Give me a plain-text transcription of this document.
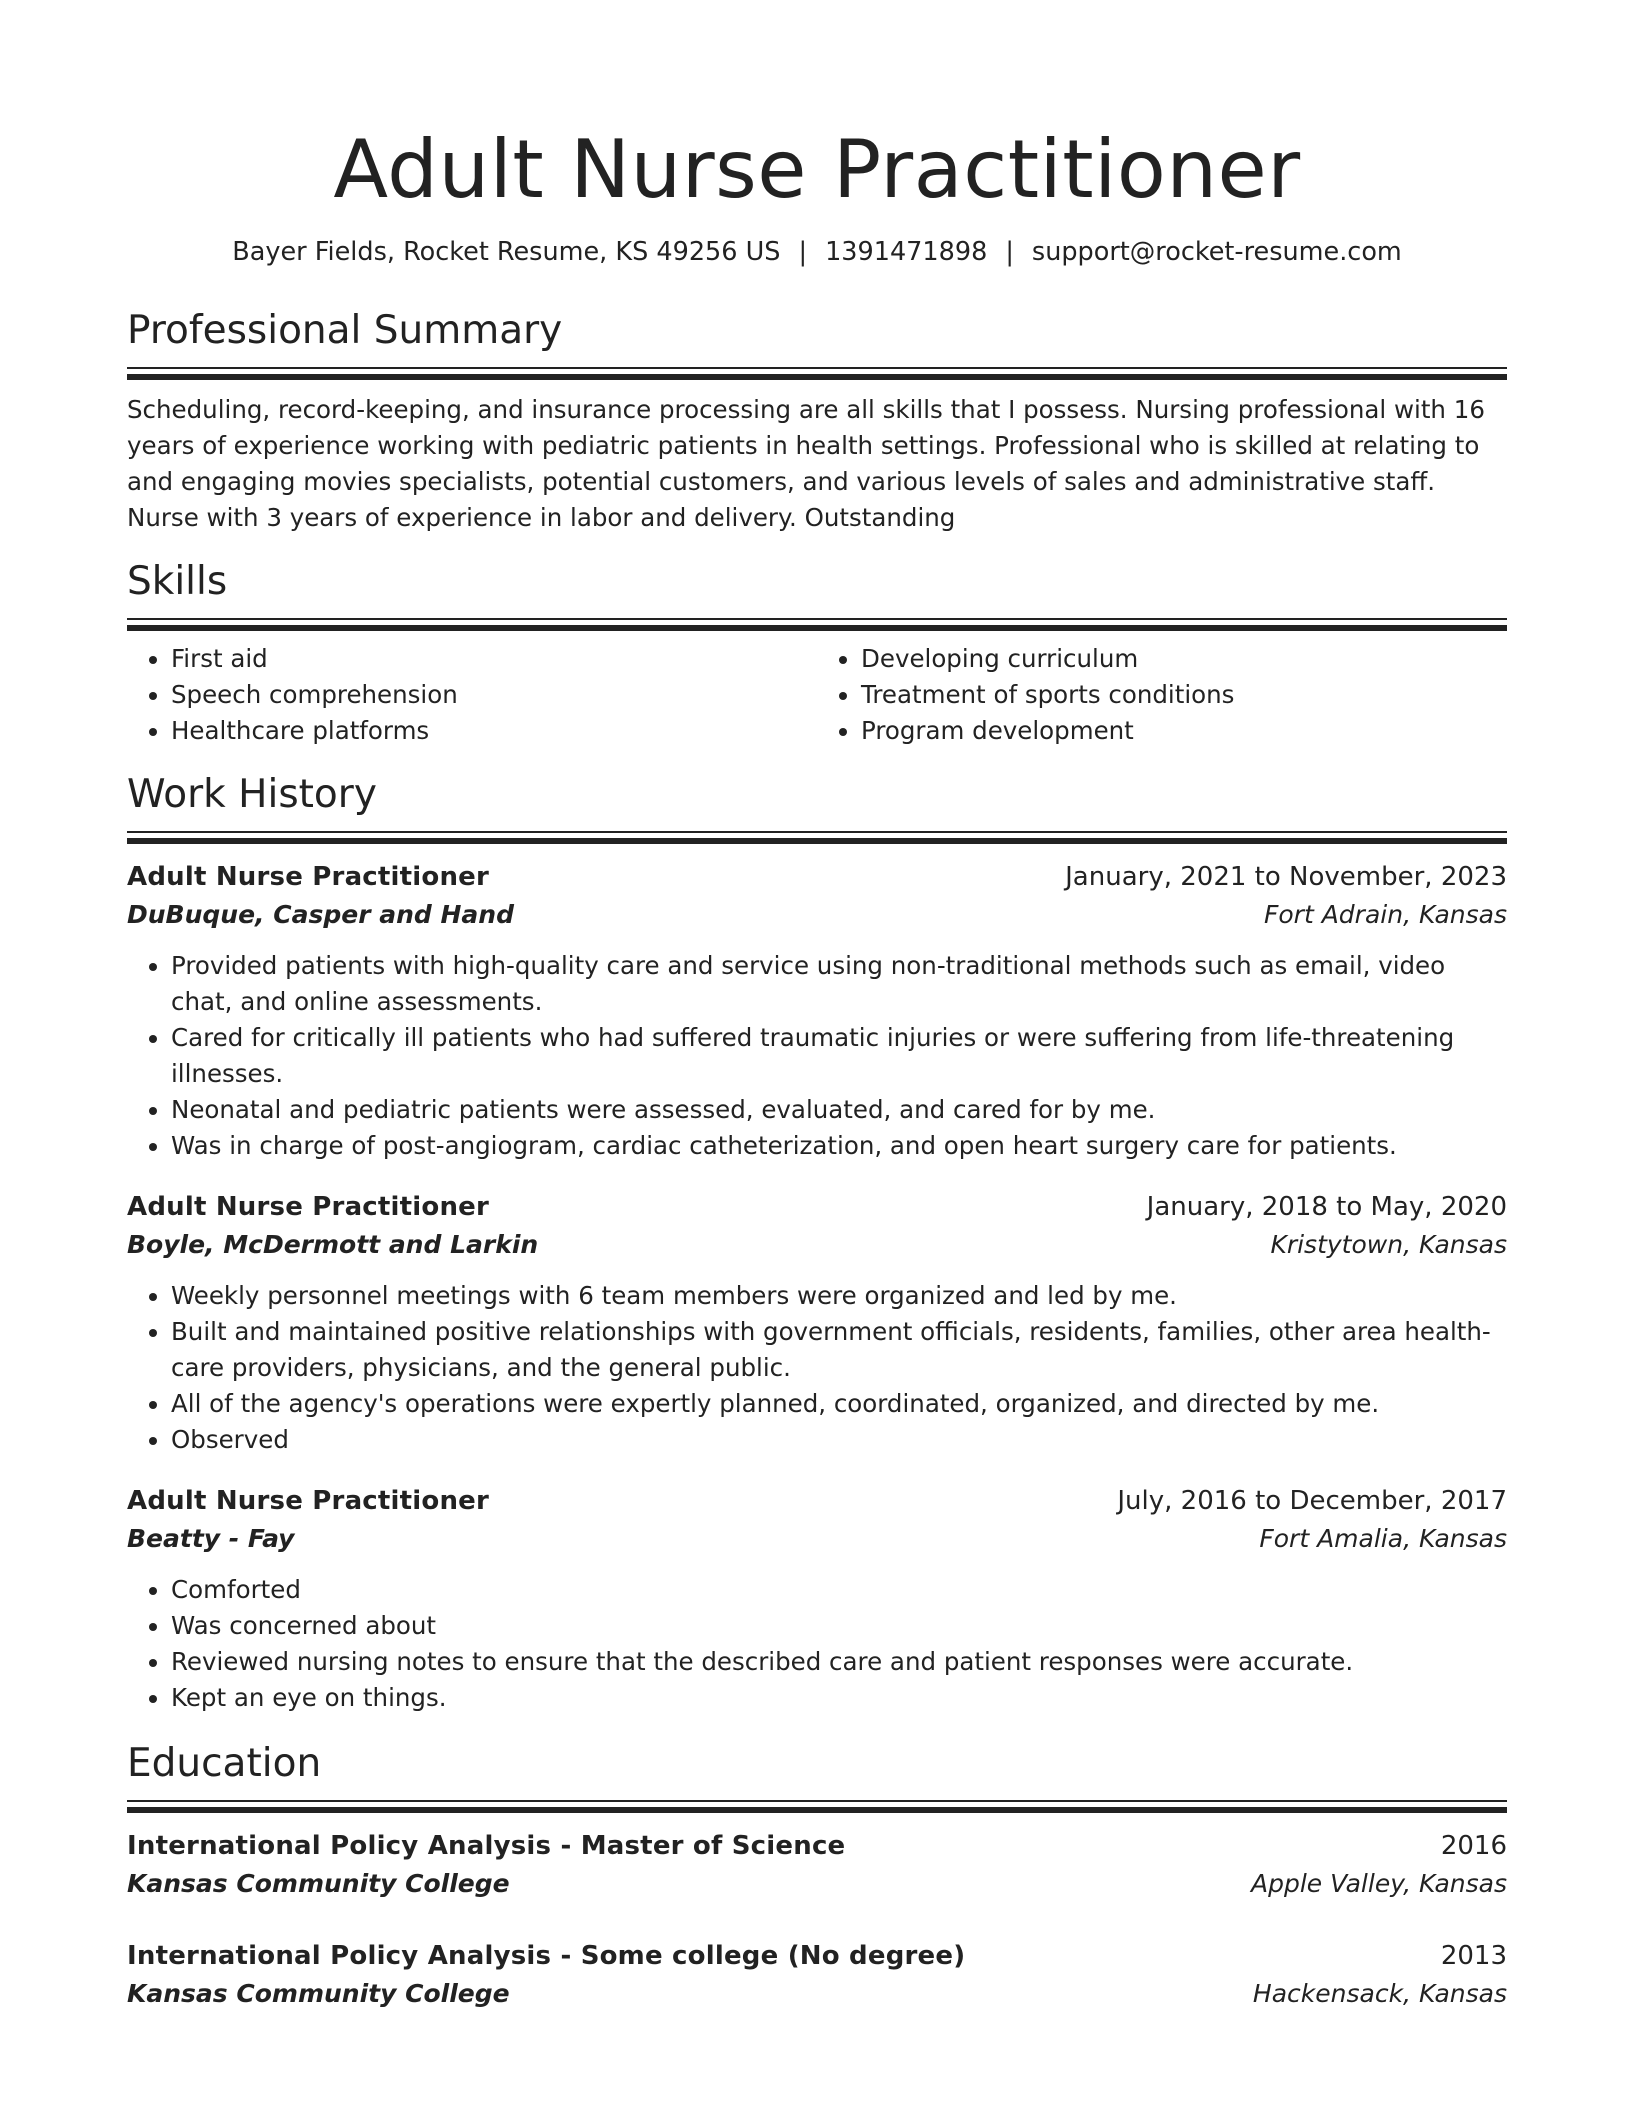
Adult Nurse Practitioner
Bayer Fields, Rocket Resume, KS 49256 US | 1391471898 | support@rocket-resume.com
Professional Summary

Scheduling, record-keeping, and insurance processing are all skills that I possess. Nursing professional with 16 years of experience working with pediatric patients in health settings. Professional who is skilled at relating to and engaging movies specialists, potential customers, and various levels of sales and administrative staff. Nurse with 3 years of experience in labor and delivery. Outstanding

Skills
• First aid
• Speech comprehension
• Healthcare platforms
• Developing curriculum
• Treatment of sports conditions
• Program development
Work History
Adult Nurse Practitioner	January, 2021 to November, 2023
DuBuque, Casper and Hand	Fort Adrain, Kansas
• Provided patients with high-quality care and service using non-traditional methods such as email, video chat, and online assessments.
• Cared for critically ill patients who had suffered traumatic injuries or were suffering from life-threatening illnesses.
• Neonatal and pediatric patients were assessed, evaluated, and cared for by me.
• Was in charge of post-angiogram, cardiac catheterization, and open heart surgery care for patients.
Adult Nurse Practitioner	January, 2018 to May, 2020
Boyle, McDermott and Larkin	Kristytown, Kansas
• Weekly personnel meetings with 6 team members were organized and led by me.
• Built and maintained positive relationships with government officials, residents, families, other area health-care providers, physicians, and the general public.
• All of the agency's operations were expertly planned, coordinated, organized, and directed by me.
• Observed
Adult Nurse Practitioner	July, 2016 to December, 2017
Beatty - Fay	Fort Amalia, Kansas
• Comforted
• Was concerned about
• Reviewed nursing notes to ensure that the described care and patient responses were accurate.
• Kept an eye on things.
Education
International Policy Analysis - Master of Science	2016
Kansas Community College	Apple Valley, Kansas
International Policy Analysis - Some college (No degree)	2013
Kansas Community College	Hackensack, Kansas
